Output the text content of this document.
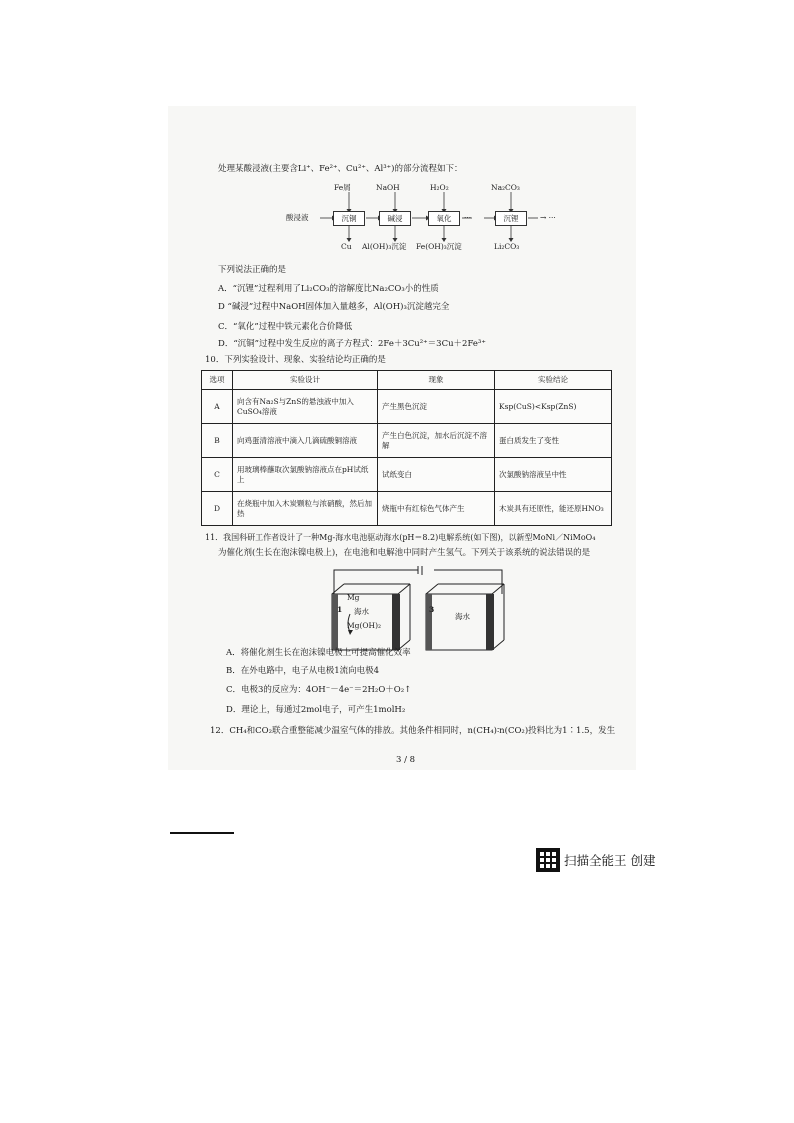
处理某酸浸液(主要含Li⁺、Fe²⁺、Cu²⁺、Al³⁺)的部分流程如下：
酸浸液	沉铜	碱浸	氧化	···	沉锂	→ ···
Fe屑	NaOH	H₂O₂	Na₂CO₃
Cu Al(OH)₃沉淀 Fe(OH)₃沉淀	Li₂CO₃
下列说法正确的是
A．“沉锂”过程利用了Li₂CO₃的溶解度比Na₂CO₃小的性质
D “碱浸”过程中NaOH固体加入量越多，Al(OH)₃沉淀越完全
C．“氧化”过程中铁元素化合价降低
D．“沉铜”过程中发生反应的离子方程式：2Fe＋3Cu²⁺＝3Cu＋2Fe³⁺
10．下列实验设计、现象、实验结论均正确的是
选项	实验设计	现象	实验结论
A	向含有Na₂S与ZnS的悬浊液中加入CuSO₄溶液	产生黑色沉淀	Ksp(CuS)<Ksp(ZnS)
B	向鸡蛋清溶液中滴入几滴硫酸铜溶液	产生白色沉淀，加水后沉淀不溶解	蛋白质发生了变性
C	用玻璃棒蘸取次氯酸钠溶液点在pH试纸上	试纸变白	次氯酸钠溶液呈中性
D	在烧瓶中加入木炭颗粒与浓硝酸，然后加热	烧瓶中有红棕色气体产生	木炭具有还原性，能还原HNO₃
11．我国科研工作者设计了一种Mg-海水电池驱动海水(pH＝8.2)电解系统(如下图)，以新型MoNi／NiMoO₄
为催化剂(生长在泡沫镍电极上)，在电池和电解池中同时产生氢气。下列关于该系统的说法错误的是
Mg
海水
Mg(OH)₂
海水
1	3
A．将催化剂生长在泡沫镍电极上可提高催化效率
B．在外电路中，电子从电极1流向电极4
C．电极3的反应为：4OH⁻－4e⁻＝2H₂O＋O₂↑
D．理论上，每通过2mol电子，可产生1molH₂
12．CH₄和CO₂联合重整能减少温室气体的排放。其他条件相同时，n(CH₄)∶n(CO₂)投料比为1∶1.5，发生
3 / 8
扫描全能王 创建
